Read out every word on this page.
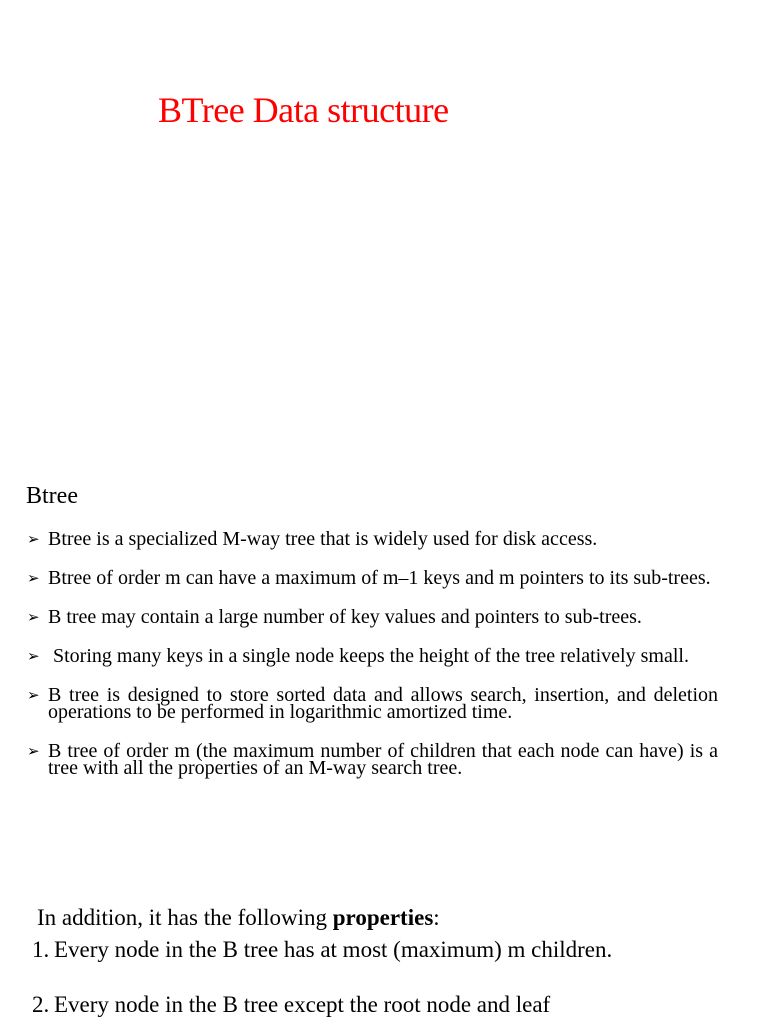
BTree Data structure
Btree
➢ Btree is a specialized M-way tree that is widely used for disk access.
➢ Btree of order m can have a maximum of m–1 keys and m pointers to its sub-trees.
➢ B tree may contain a large number of key values and pointers to sub-trees.
➢ Storing many keys in a single node keeps the height of the tree relatively small.
➢ B tree is designed to store sorted data and allows search, insertion, and deletion operations to be performed in logarithmic amortized time.
➢ B tree of order m (the maximum number of children that each node can have) is a tree with all the properties of an M-way search tree.
In addition, it has the following properties:
1. Every node in the B tree has at most (maximum) m children.
2. Every node in the B tree except the root node and leaf
